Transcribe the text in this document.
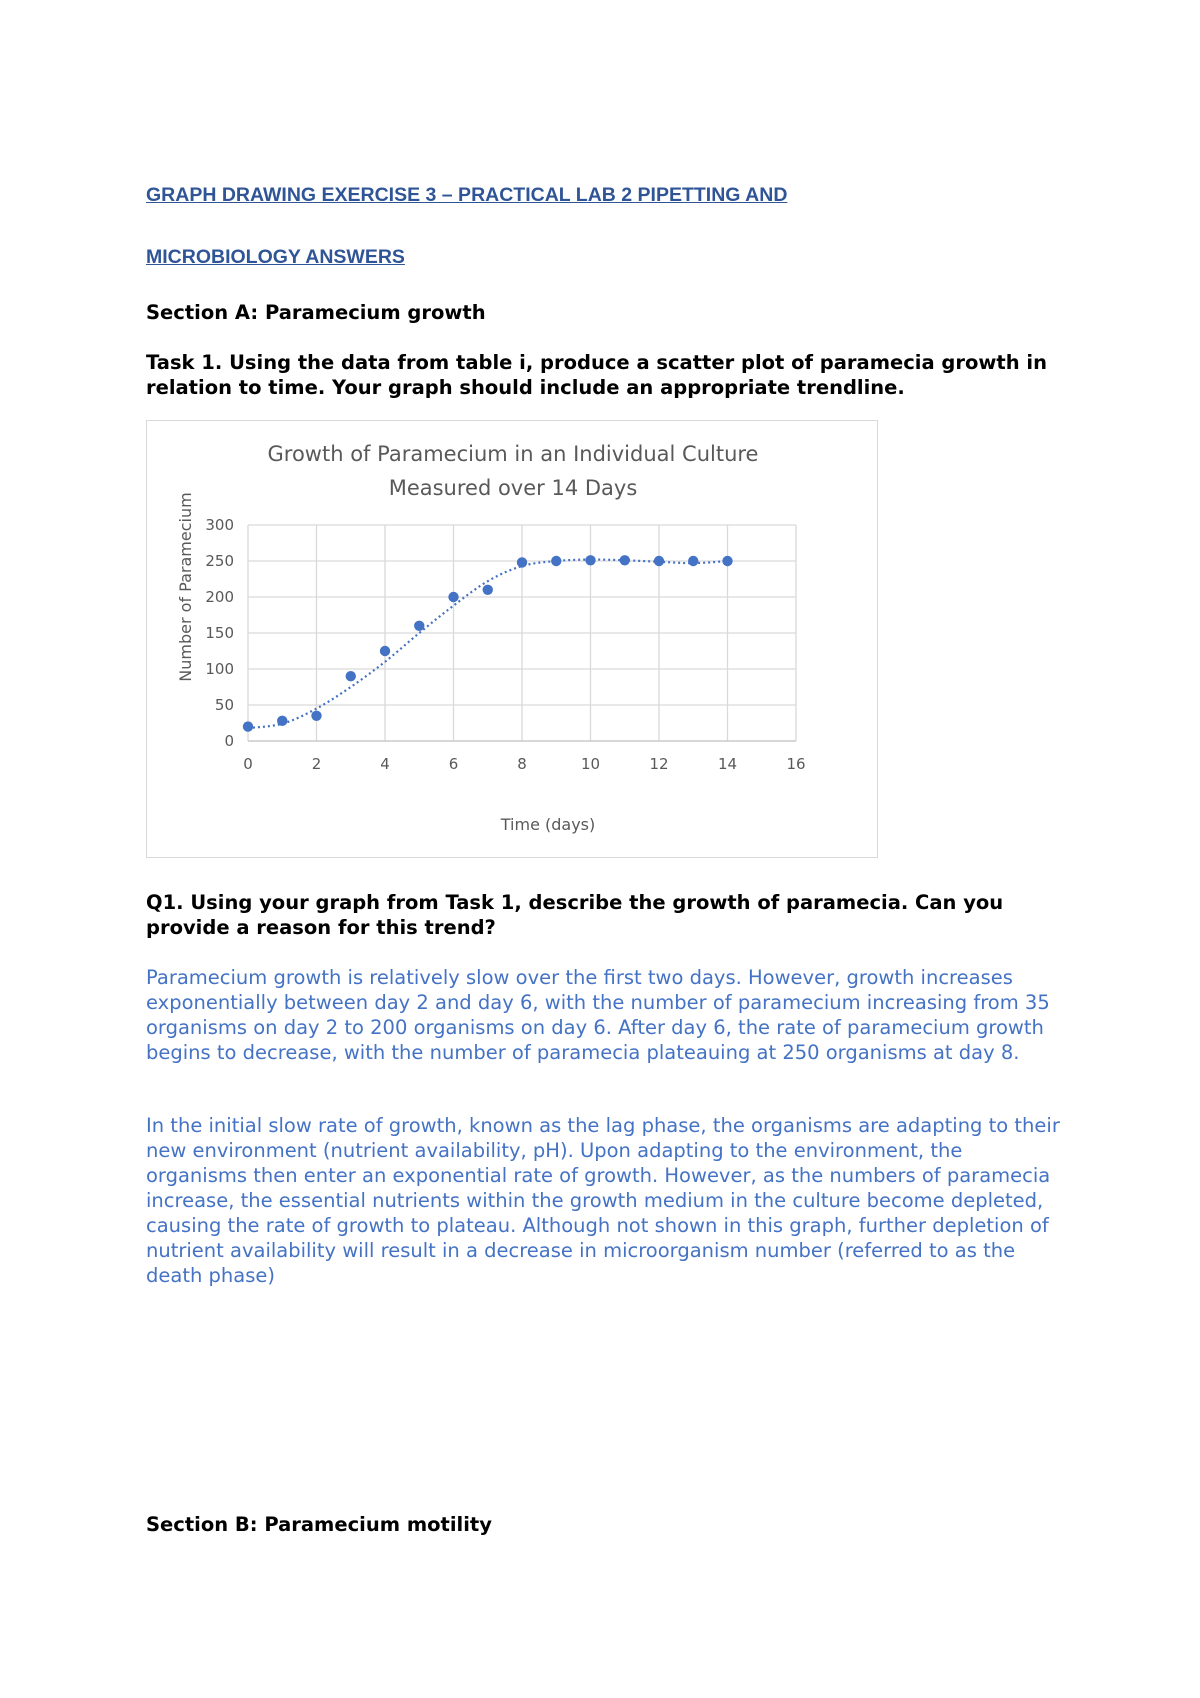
GRAPH DRAWING EXERCISE 3 – PRACTICAL LAB 2 PIPETTING AND

MICROBIOLOGY ANSWERS

Section A: Paramecium growth

Task 1. Using the data from table i, produce a scatter plot of paramecia growth in relation to time. Your graph should include an appropriate trendline.

Growth of Paramecium in an Individual Culture
Measured over 14 Days
0	2	4	6	8	10	12	14	16
0
50
100
150
200
250
300
Time (days)
Number of Paramecium

Q1. Using your graph from Task 1, describe the growth of paramecia. Can you provide a reason for this trend?

Paramecium growth is relatively slow over the first two days. However, growth increases exponentially between day 2 and day 6, with the number of paramecium increasing from 35 organisms on day 2 to 200 organisms on day 6. After day 6, the rate of paramecium growth begins to decrease, with the number of paramecia plateauing at 250 organisms at day 8.

In the initial slow rate of growth, known as the lag phase, the organisms are adapting to their new environment (nutrient availability, pH). Upon adapting to the environment, the organisms then enter an exponential rate of growth. However, as the numbers of paramecia increase, the essential nutrients within the growth medium in the culture become depleted, causing the rate of growth to plateau. Although not shown in this graph, further depletion of nutrient availability will result in a decrease in microorganism number (referred to as the death phase)

Section B: Paramecium motility
